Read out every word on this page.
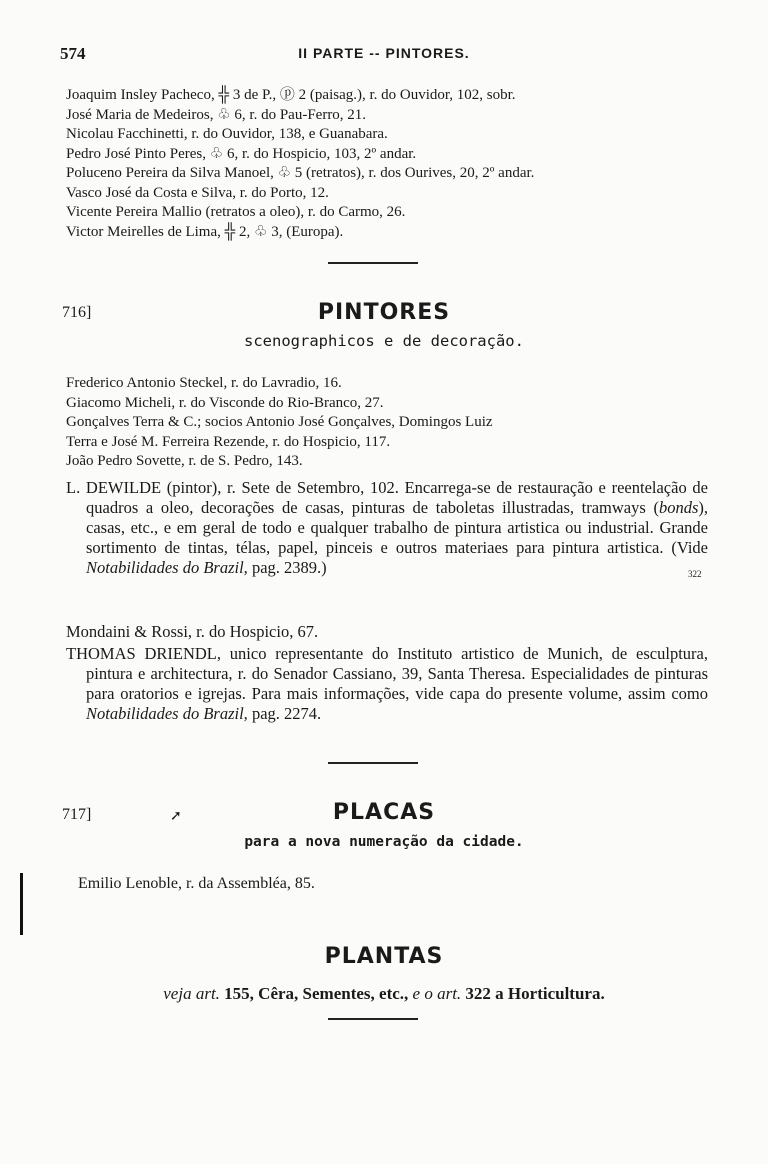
574	II PARTE -- PINTORES.

Joaquim Insley Pacheco, ╬ 3 de P., ⓟ 2 (paisag.), r. do Ouvidor, 102, sobr.

José Maria de Medeiros, ♧ 6, r. do Pau-Ferro, 21.

Nicolau Facchinetti, r. do Ouvidor, 138, e Guanabara.

Pedro José Pinto Peres, ♧ 6, r. do Hospicio, 103, 2º andar.

Poluceno Pereira da Silva Manoel, ♧ 5 (retratos), r. dos Ourives, 20, 2º andar.

Vasco José da Costa e Silva, r. do Porto, 12.

Vicente Pereira Mallio (retratos a oleo), r. do Carmo, 26.

Victor Meirelles de Lima, ╬ 2, ♧ 3, (Europa).

716]	PINTORES
scenographicos e de decoração.

Frederico Antonio Steckel, r. do Lavradio, 16.

Giacomo Micheli, r. do Visconde do Rio-Branco, 27.

Gonçalves Terra & C.; socios Antonio José Gonçalves, Domingos Luiz

Terra e José M. Ferreira Rezende, r. do Hospicio, 117.

João Pedro Sovette, r. de S. Pedro, 143.

L. DEWILDE (pintor), r. Sete de Setembro, 102. Encarrega-se de restauração e reentelação de quadros a oleo, decorações de casas, pinturas de taboletas illustradas, tramways (bonds), casas, etc., e em geral de todo e qualquer trabalho de pintura artistica ou industrial. Grande sortimento de tintas, télas, papel, pinceis e outros materiaes para pintura artistica. (Vide Notabilidades do Brazil, pag. 2389.)	322

Mondaini & Rossi, r. do Hospicio, 67.

THOMAS DRIENDL, unico representante do Instituto artistico de Munich, de esculptura, pintura e architectura, r. do Senador Cassiano, 39, Santa Theresa. Especialidades de pinturas para oratorios e igrejas. Para mais informações, vide capa do presente volume, assim como Notabilidades do Brazil, pag. 2274.

717]	➚	PLACAS
para a nova numeração da cidade.

Emilio Lenoble, r. da Assembléa, 85.

PLANTAS
veja art. 155, Cêra, Sementes, etc., e o art. 322 a Horticultura.
